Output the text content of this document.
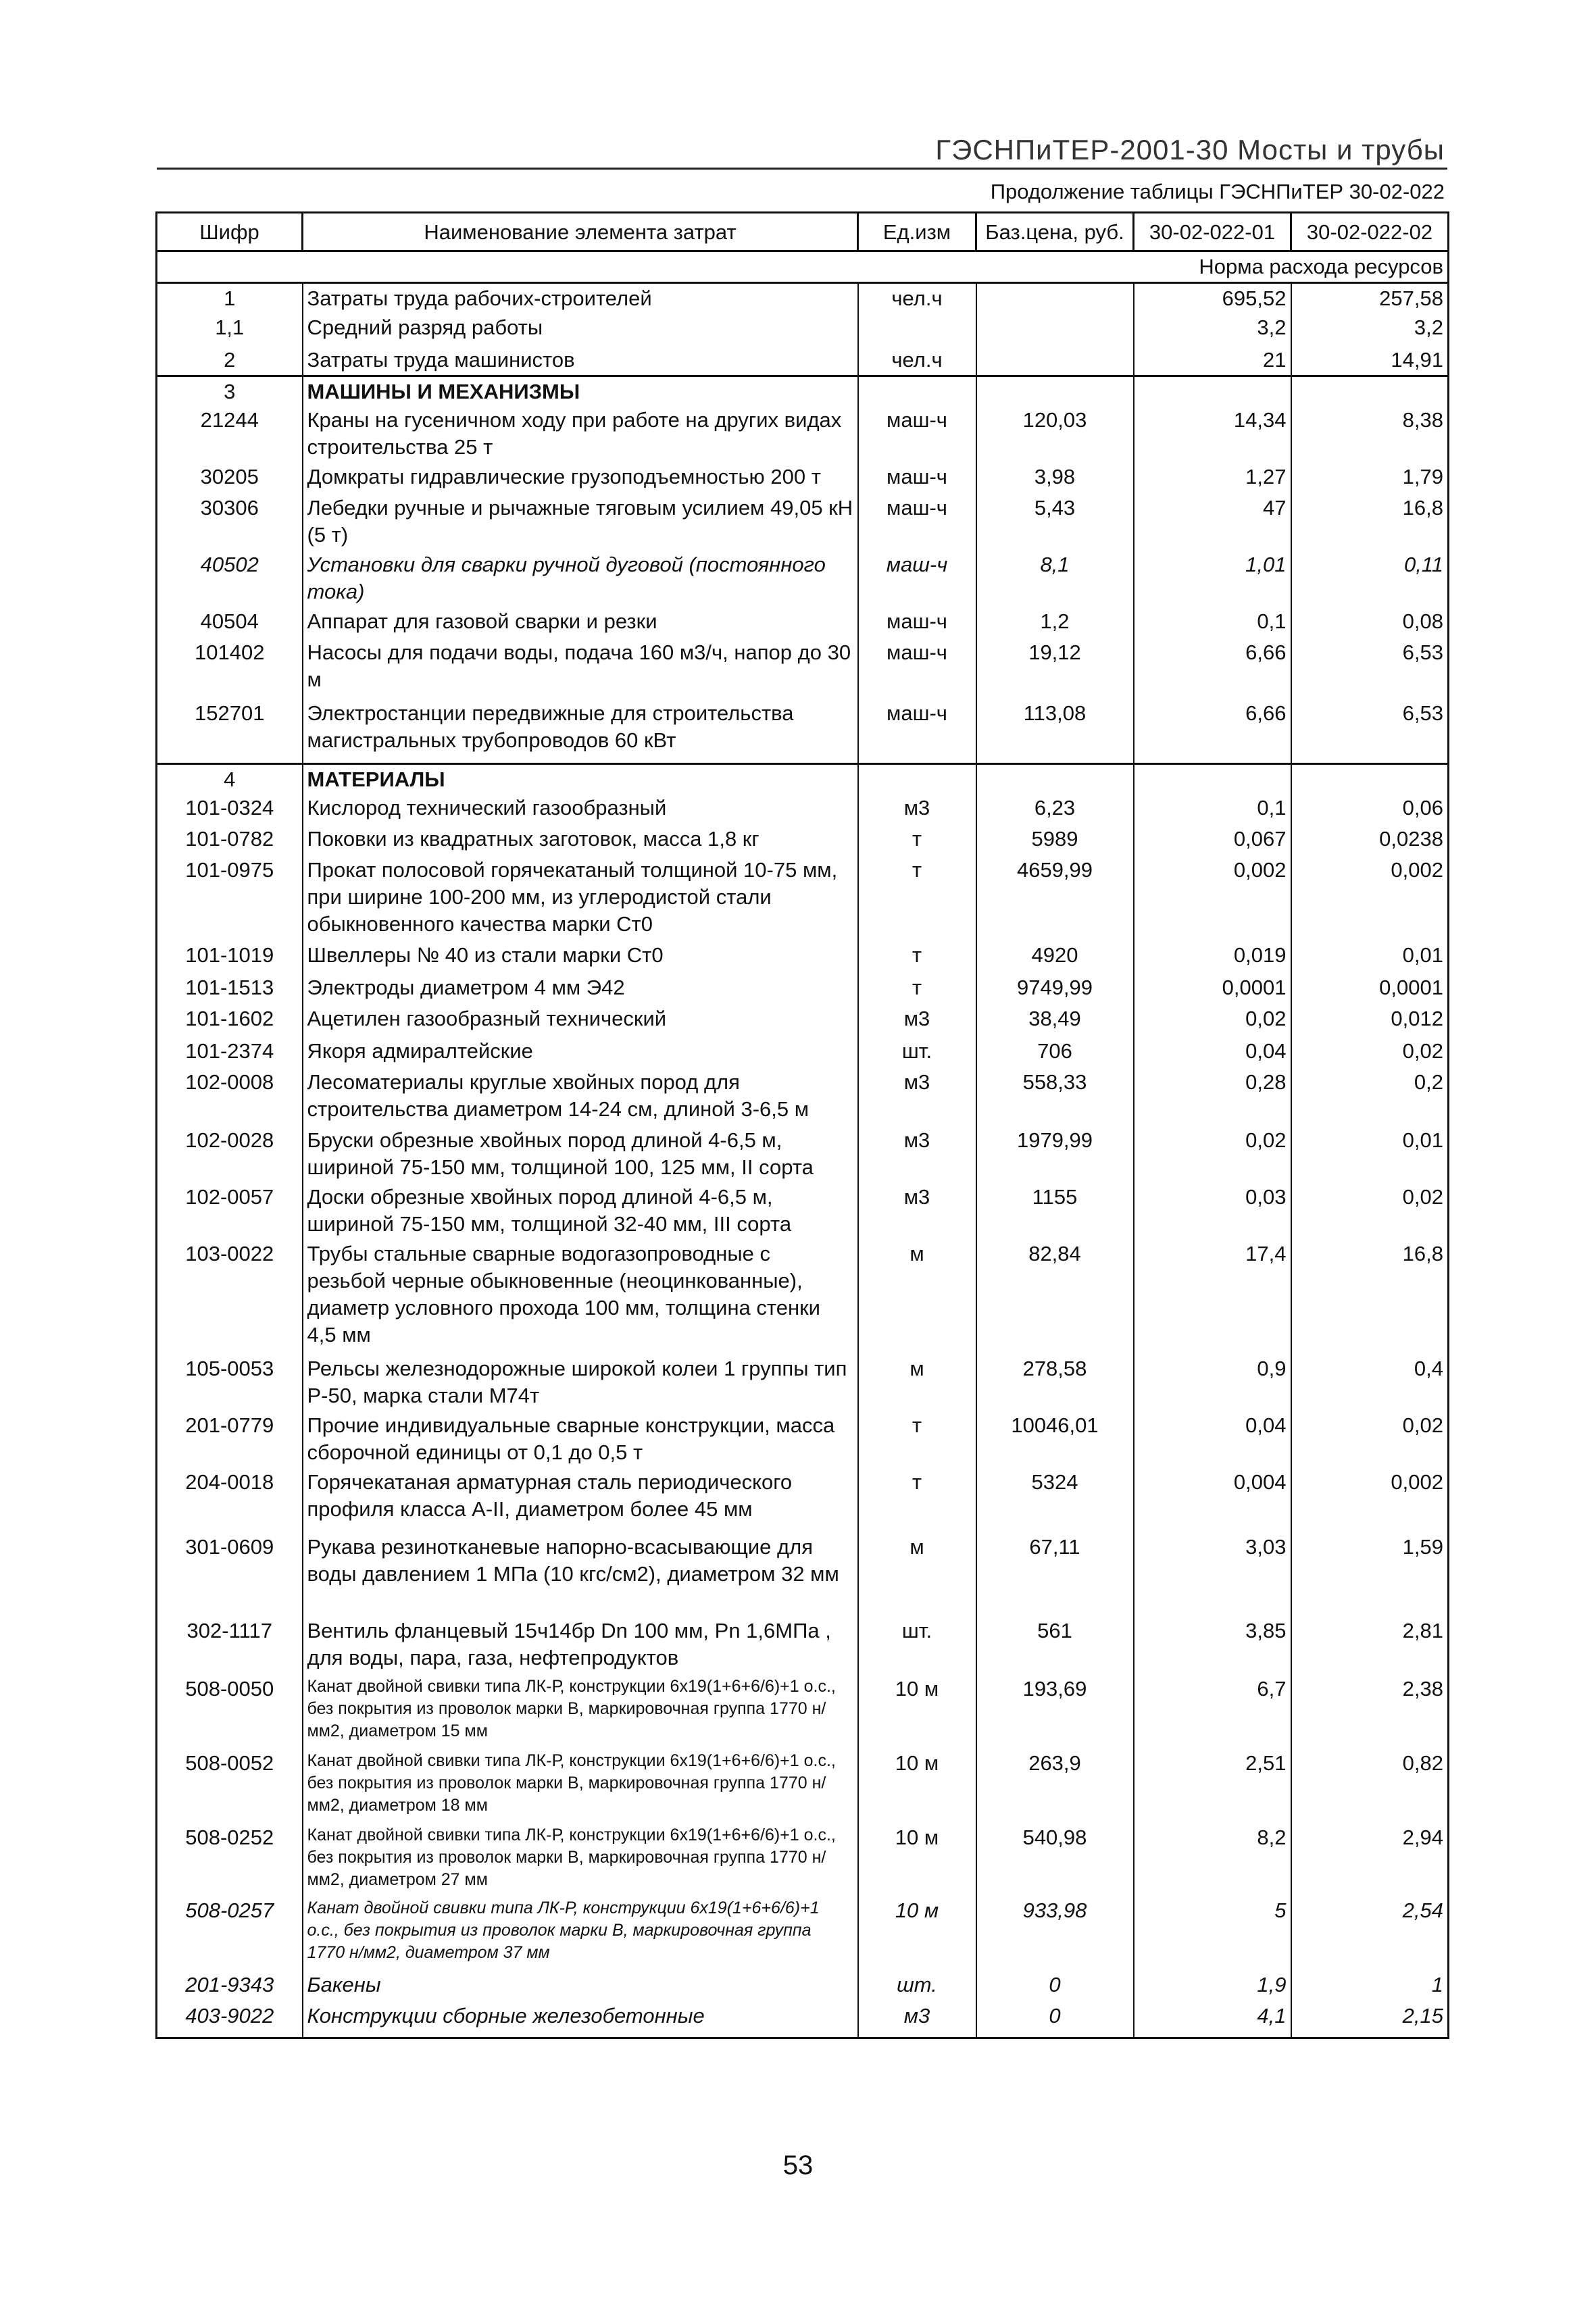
ГЭСНПиТЕР-2001-30 Мосты и трубы
Продолжение таблицы ГЭСНПиТЕР 30-02-022
Шифр	Наименование элемента затрат	Ед.изм	Баз.цена, руб.	30-02-022-01	30-02-022-02
				Норма расхода ресурсов	
1	Затраты труда рабочих-строителей	чел.ч		695,52	257,58
1,1	Средний разряд работы			3,2	3,2
2	Затраты труда машинистов	чел.ч		21	14,91
3	МАШИНЫ И МЕХАНИЗМЫ				
21244	Краны на гусеничном ходу при работе на других видах строительства 25 т	маш-ч	120,03	14,34	8,38
30205	Домкраты гидравлические грузоподъемностью 200 т	маш-ч	3,98	1,27	1,79
30306	Лебедки ручные и рычажные тяговым усилием 49,05 кН (5 т)	маш-ч	5,43	47	16,8
40502	Установки для сварки ручной дуговой (постоянного тока)	маш-ч	8,1	1,01	0,11
40504	Аппарат для газовой сварки и резки	маш-ч	1,2	0,1	0,08
101402	Насосы для подачи воды, подача 160 м3/ч, напор до 30 м	маш-ч	19,12	6,66	6,53
152701	Электростанции передвижные для строительства магистральных трубопроводов 60 кВт	маш-ч	113,08	6,66	6,53
4	МАТЕРИАЛЫ				
101-0324	Кислород технический газообразный	м3	6,23	0,1	0,06
101-0782	Поковки из квадратных заготовок, масса 1,8 кг	т	5989	0,067	0,0238
101-0975	Прокат полосовой горячекатаный толщиной 10-75 мм, при ширине 100-200 мм, из углеродистой стали обыкновенного качества марки Ст0	т	4659,99	0,002	0,002
101-1019	Швеллеры № 40 из стали марки Ст0	т	4920	0,019	0,01
101-1513	Электроды диаметром 4 мм Э42	т	9749,99	0,0001	0,0001
101-1602	Ацетилен газообразный технический	м3	38,49	0,02	0,012
101-2374	Якоря адмиралтейские	шт.	706	0,04	0,02
102-0008	Лесоматериалы круглые хвойных пород для строительства диаметром 14-24 см, длиной 3-6,5 м	м3	558,33	0,28	0,2
102-0028	Бруски обрезные хвойных пород длиной 4-6,5 м, шириной 75-150 мм, толщиной 100, 125 мм, II сорта	м3	1979,99	0,02	0,01
102-0057	Доски обрезные хвойных пород длиной 4-6,5 м, шириной 75-150 мм, толщиной 32-40 мм, III сорта	м3	1155	0,03	0,02
103-0022	Трубы стальные сварные водогазопроводные с резьбой черные обыкновенные (неоцинкованные), диаметр условного прохода 100 мм, толщина стенки 4,5 мм	м	82,84	17,4	16,8
105-0053	Рельсы железнодорожные широкой колеи 1 группы тип Р-50, марка стали М74т	м	278,58	0,9	0,4
201-0779	Прочие индивидуальные сварные конструкции, масса сборочной единицы от 0,1 до 0,5 т	т	10046,01	0,04	0,02
204-0018	Горячекатаная арматурная сталь периодического профиля класса А-II, диаметром более 45 мм	т	5324	0,004	0,002
301-0609	Рукава резинотканевые напорно-всасывающие для воды давлением 1 МПа (10 кгс/см2), диаметром 32 мм	м	67,11	3,03	1,59
302-1117	Вентиль фланцевый 15ч14бр Dn 100 мм, Pn 1,6МПа , для воды, пара, газа, нефтепродуктов	шт.	561	3,85	2,81
508-0050	Канат двойной свивки типа ЛК-Р, конструкции 6х19(1+6+6/6)+1 о.с., без покрытия из проволок марки В, маркировочная группа 1770 н/мм2, диаметром 15 мм	10 м	193,69	6,7	2,38
508-0052	Канат двойной свивки типа ЛК-Р, конструкции 6х19(1+6+6/6)+1 о.с., без покрытия из проволок марки В, маркировочная группа 1770 н/мм2, диаметром 18 мм	10 м	263,9	2,51	0,82
508-0252	Канат двойной свивки типа ЛК-Р, конструкции 6х19(1+6+6/6)+1 о.с., без покрытия из проволок марки В, маркировочная группа 1770 н/мм2, диаметром 27 мм	10 м	540,98	8,2	2,94
508-0257	Канат двойной свивки типа ЛК-Р, конструкции 6х19(1+6+6/6)+1 о.с., без покрытия из проволок марки В, маркировочная группа 1770 н/мм2, диаметром 37 мм	10 м	933,98	5	2,54
201-9343	Бакены	шт.	0	1,9	1
403-9022	Конструкции сборные железобетонные	м3	0	4,1	2,15
53
